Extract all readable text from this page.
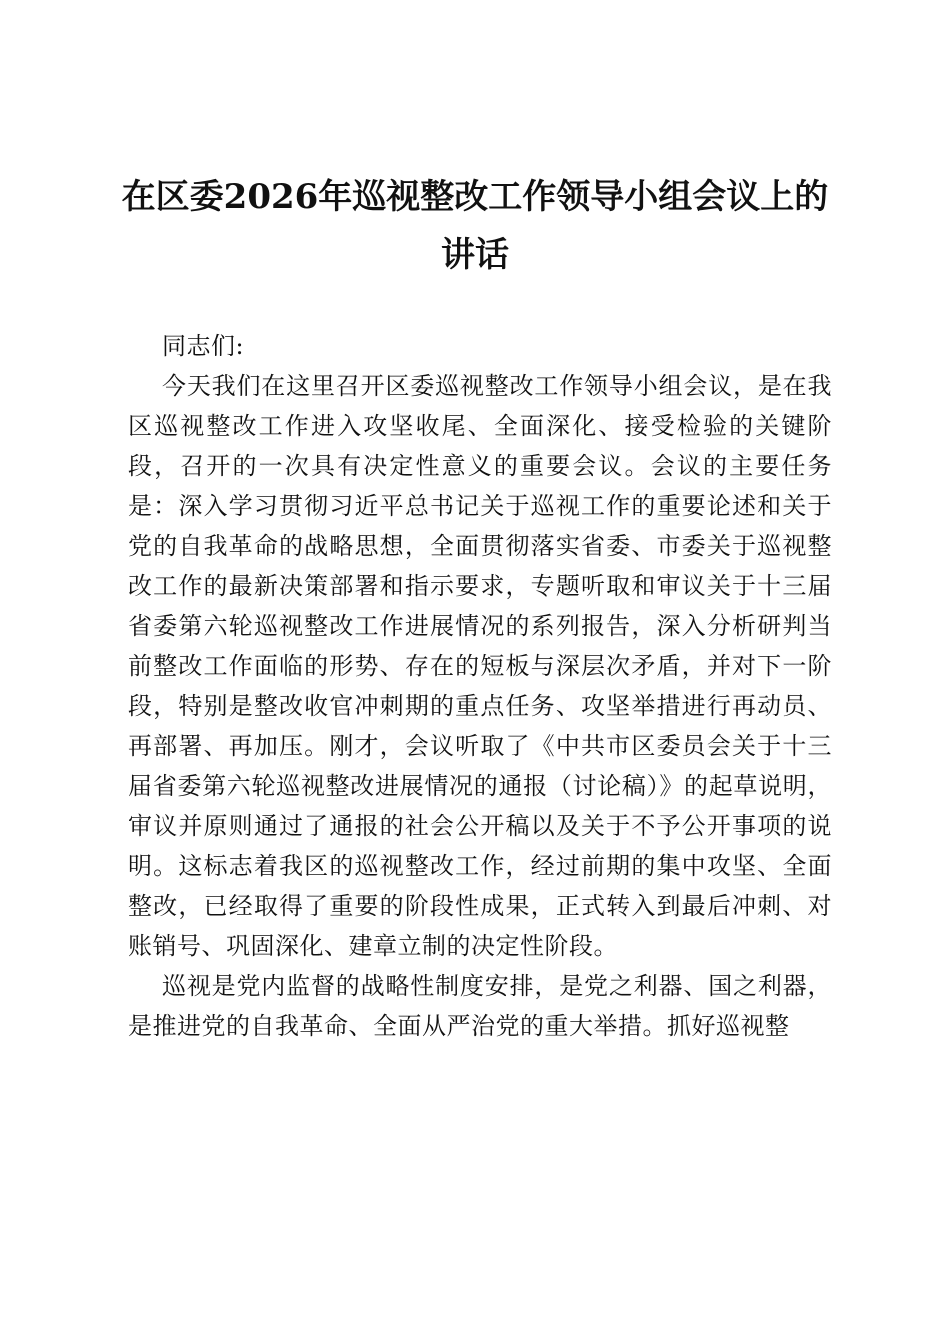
在区委2026年巡视整改工作领导小组会议上的讲话

同志们:

今天我们在这里召开区委巡视整改工作领导小组会议，是在我区巡视整改工作进入攻坚收尾、全面深化、接受检验的关键阶段，召开的一次具有决定性意义的重要会议。会议的主要任务是：深入学习贯彻习近平总书记关于巡视工作的重要论述和关于党的自我革命的战略思想，全面贯彻落实省委、市委关于巡视整改工作的最新决策部署和指示要求，专题听取和审议关于十三届省委第六轮巡视整改工作进展情况的系列报告，深入分析研判当前整改工作面临的形势、存在的短板与深层次矛盾，并对下一阶段，特别是整改收官冲刺期的重点任务、攻坚举措进行再动员、再部署、再加压。刚才，会议听取了《中共市区委员会关于十三届省委第六轮巡视整改进展情况的通报（讨论稿）》的起草说明，审议并原则通过了通报的社会公开稿以及关于不予公开事项的说明。这标志着我区的巡视整改工作，经过前期的集中攻坚、全面整改，已经取得了重要的阶段性成果，正式转入到最后冲刺、对账销号、巩固深化、建章立制的决定性阶段。

巡视是党内监督的战略性制度安排，是党之利器、国之利器，是推进党的自我革命、全面从严治党的重大举措。抓好巡视整
